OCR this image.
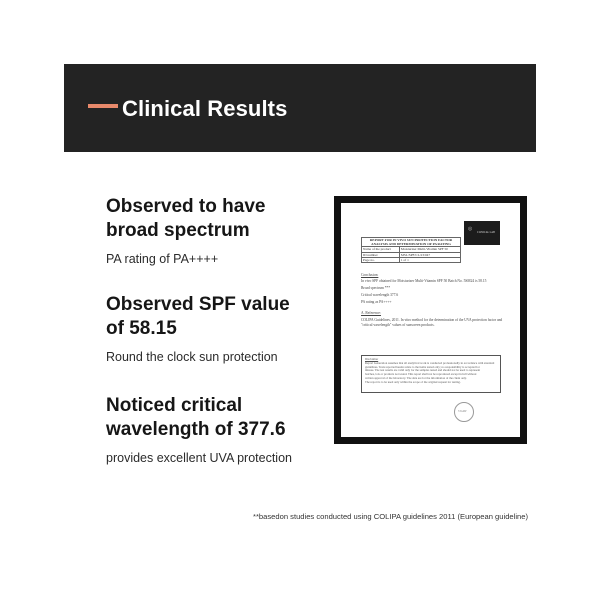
Clinical Results
Observed to have
broad spectrum
PA rating of PA++++
Observed SPF value
of 58.15
Round the clock sun protection
Noticed critical
wavelength of 377.6
provides excellent UVA protection
◎
CLINICAL LAB
REPORT FOR IN VIVO SUN PROTECTION FACTOR
ANALYSIS AND DETERMINATION OF PA RATING	

Name of the product	Moisturizer Multi-Vitamin SPF 50
ID number	MSL/SPF/CL/23/047
Page no.	1 of 1
Conclusion:
In vivo SPF obtained for Moisturizer Multi-Vitamin SPF 50 Batch No. 5SM24 is 58.15
Broad spectrum ***
Critical wavelength 377.6
PA rating as PA++++
A. Reference:
COLIPA Guidelines, 2011. In vitro method for the determination of the UVA protection factor and
"critical wavelength" values of sunscreen products.
Disclaimer
Report Generation assumes that all analytical work is conducted professionally in accordance with standard
guidelines. Tests reported herein relate to the items tested only; no responsibility is accepted for
misuse. The test results are valid only for the samples tested and should not be used to represent
batches, lots or products not tested. This report shall not be reproduced except in full without
written approval of the laboratory. The data are for the information of the client only.
The report is to be used only within the scope of the original request for testing.
STAMP
**basedon studies conducted using COLIPA guidelines 2011 (European guideline)
